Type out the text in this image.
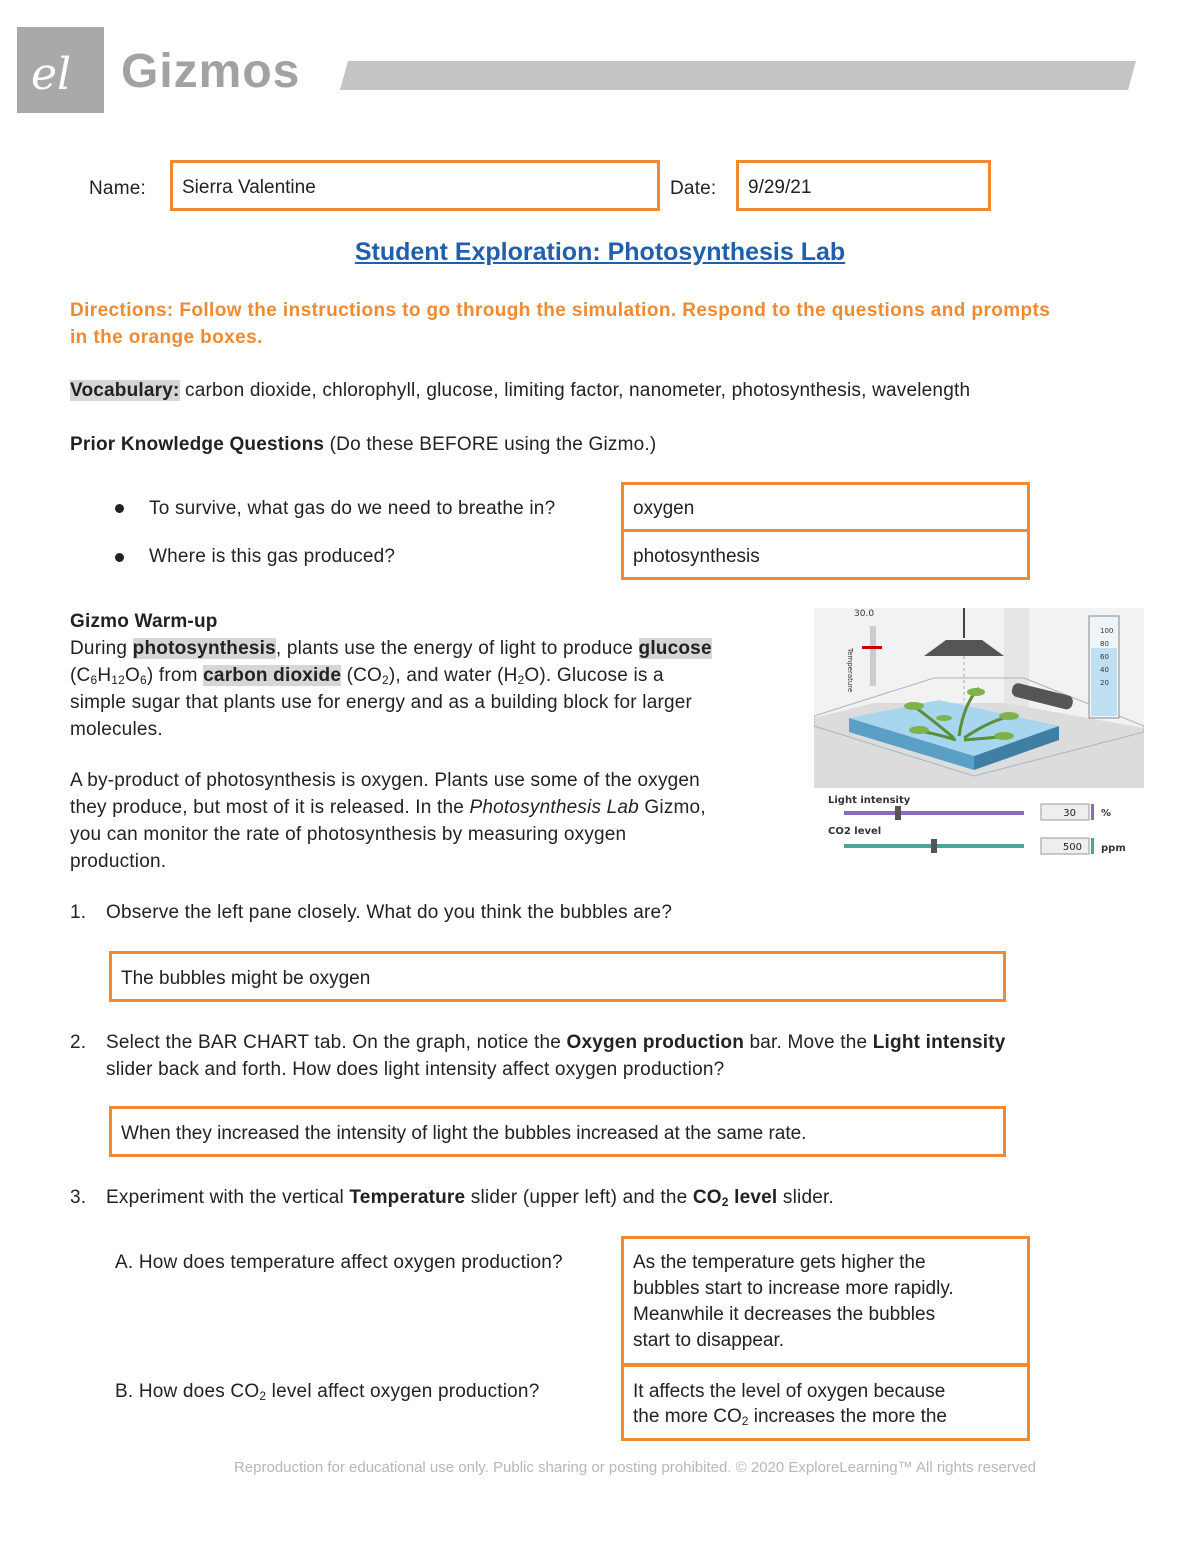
el Gizmos
Name: Sierra Valentine	Date: 9/29/21
Student Exploration: Photosynthesis Lab
Directions: Follow the instructions to go through the simulation. Respond to the questions and prompts in the orange boxes.
Vocabulary: carbon dioxide, chlorophyll, glucose, limiting factor, nanometer, photosynthesis, wavelength
Prior Knowledge Questions (Do these BEFORE using the Gizmo.)
To survive, what gas do we need to breathe in?	oxygen
Where is this gas produced?	photosynthesis
Gizmo Warm-up
During photosynthesis, plants use the energy of light to produce glucose
$(C_6H_{12}O_6)$ from carbon dioxide $(CO_2)$, and water $(H_2O)$. Glucose is a
simple sugar that plants use for energy and as a building block for larger
molecules.
A by-product of photosynthesis is oxygen. Plants use some of the oxygen
they produce, but most of it is released. In the Photosynthesis Lab Gizmo,
you can monitor the rate of photosynthesis by measuring oxygen
production.
100
80
60
40
20
30.0
Temperature
Light intensity
30	%
CO2 level
500 ppm
1. Observe the left pane closely. What do you think the bubbles are?
The bubbles might be oxygen
2. Select the BAR CHART tab. On the graph, notice the Oxygen production bar. Move the Light intensity
slider back and forth. How does light intensity affect oxygen production?
When they increased the intensity of light the bubbles increased at the same rate.
3. Experiment with the vertical Temperature slider (upper left) and the $CO_2$ level slider.
A. How does temperature affect oxygen production?	As the temperature gets higher the
bubbles start to increase more rapidly.
Meanwhile it decreases the bubbles
start to disappear.
B. How does $CO_2$ level affect oxygen production?	It affects the level of oxygen because
the more $CO_2$ increases the more the
Reproduction for educational use only. Public sharing or posting prohibited. © 2020 ExploreLearning™ All rights reserved
